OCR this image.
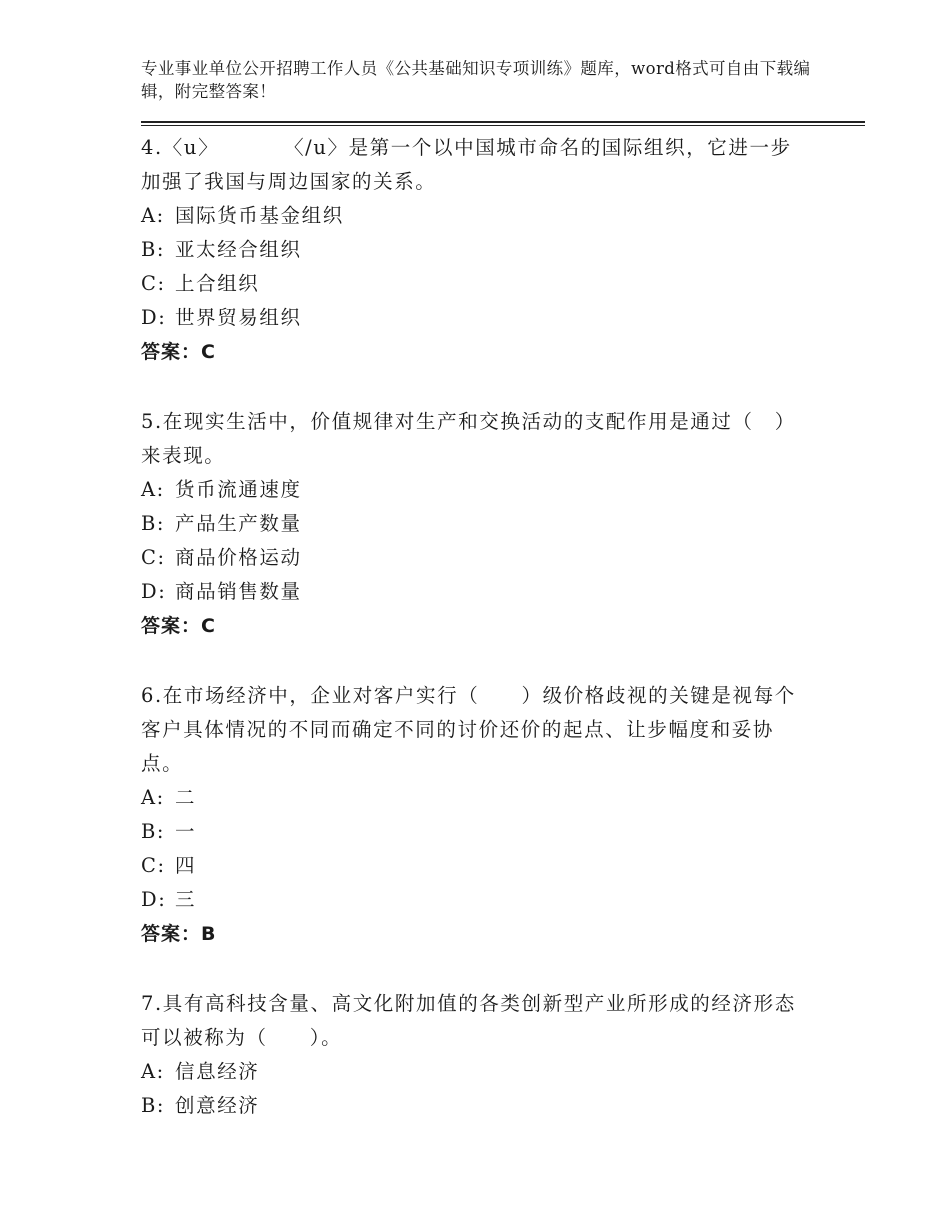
专业事业单位公开招聘工作人员《公共基础知识专项训练》题库，word格式可自由下载编辑，附完整答案！
4.〈u〉　　　　〈/u〉是第一个以中国城市命名的国际组织，它进一步加强了我国与周边国家的关系。
A: 国际货币基金组织
B: 亚太经合组织
C: 上合组织
D: 世界贸易组织
答案：C
5.在现实生活中，价值规律对生产和交换活动的支配作用是通过（　）来表现。
A: 货币流通速度
B: 产品生产数量
C: 商品价格运动
D: 商品销售数量
答案：C
6.在市场经济中，企业对客户实行（　　）级价格歧视的关键是视每个客户具体情况的不同而确定不同的讨价还价的起点、让步幅度和妥协点。
A: 二
B: 一
C: 四
D: 三
答案：B
7.具有高科技含量、高文化附加值的各类创新型产业所形成的经济形态可以被称为（　　）。
A: 信息经济
B: 创意经济
